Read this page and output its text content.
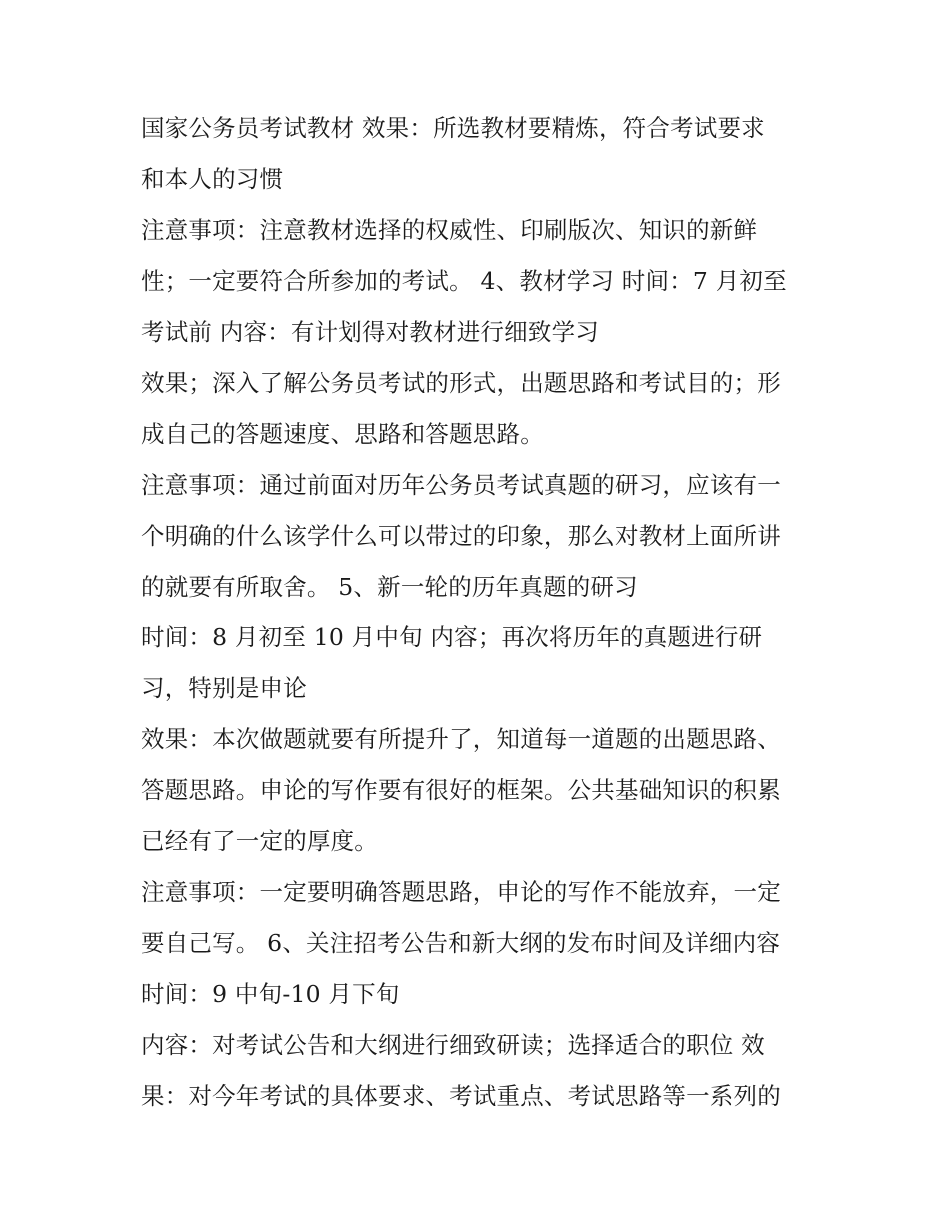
国家公务员考试教材 效果：所选教材要精炼，符合考试要求

和本人的习惯

注意事项：注意教材选择的权威性、印刷版次、知识的新鲜

性；一定要符合所参加的考试。 4、教材学习 时间：7 月初至

考试前 内容：有计划得对教材进行细致学习

效果；深入了解公务员考试的形式，出题思路和考试目的；形

成自己的答题速度、思路和答题思路。

注意事项：通过前面对历年公务员考试真题的研习，应该有一

个明确的什么该学什么可以带过的印象，那么对教材上面所讲

的就要有所取舍。 5、新一轮的历年真题的研习

时间：8 月初至 10 月中旬 内容；再次将历年的真题进行研

习，特别是申论

效果：本次做题就要有所提升了，知道每一道题的出题思路、

答题思路。申论的写作要有很好的框架。公共基础知识的积累

已经有了一定的厚度。

注意事项：一定要明确答题思路，申论的写作不能放弃，一定

要自己写。 6、关注招考公告和新大纲的发布时间及详细内容

时间：9 中旬-10 月下旬

内容：对考试公告和大纲进行细致研读；选择适合的职位 效

果：对今年考试的具体要求、考试重点、考试思路等一系列的
